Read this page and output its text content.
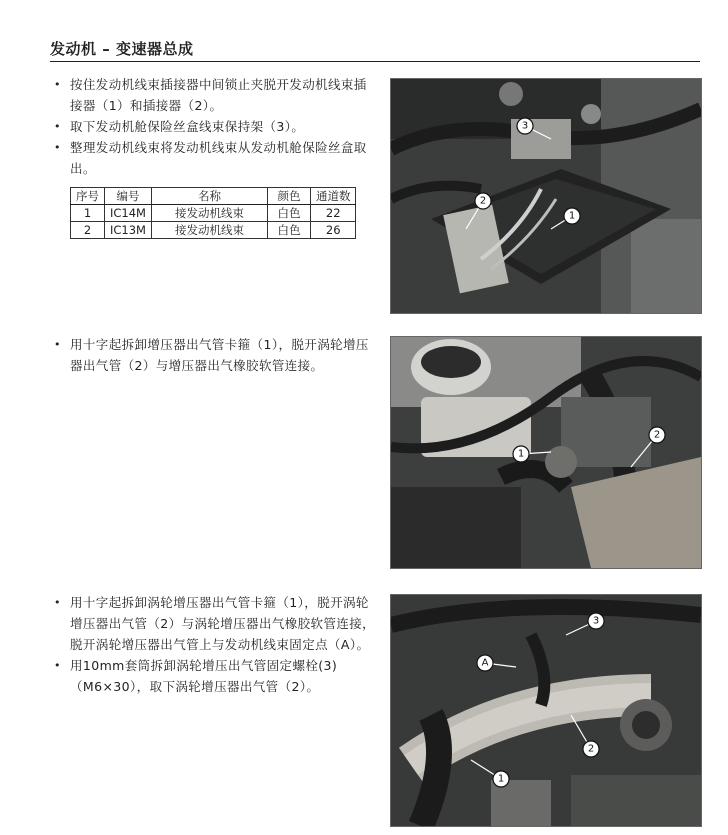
发动机 – 变速器总成
• 按住发动机线束插接器中间锁止夹脱开发动机线束插接器（1）和插接器（2）。
• 取下发动机舱保险丝盒线束保持架（3）。
• 整理发动机线束将发动机线束从发动机舱保险丝盒取出。
序号	编号	名称	颜色	通道数
1	IC14M	接发动机线束	白色	22
2	IC13M	接发动机线束	白色	26
3
2
1
• 用十字起拆卸增压器出气管卡箍（1），脱开涡轮增压器出气管（2）与增压器出气橡胶软管连接。
1
2
• 用十字起拆卸涡轮增压器出气管卡箍（1），脱开涡轮增压器出气管（2）与涡轮增压器出气橡胶软管连接，脱开涡轮增压器出气管上与发动机线束固定点（A）。
• 用10mm套筒拆卸涡轮增压出气管固定螺栓(3)（M6×30），取下涡轮增压器出气管（2）。
A
3
2
1
